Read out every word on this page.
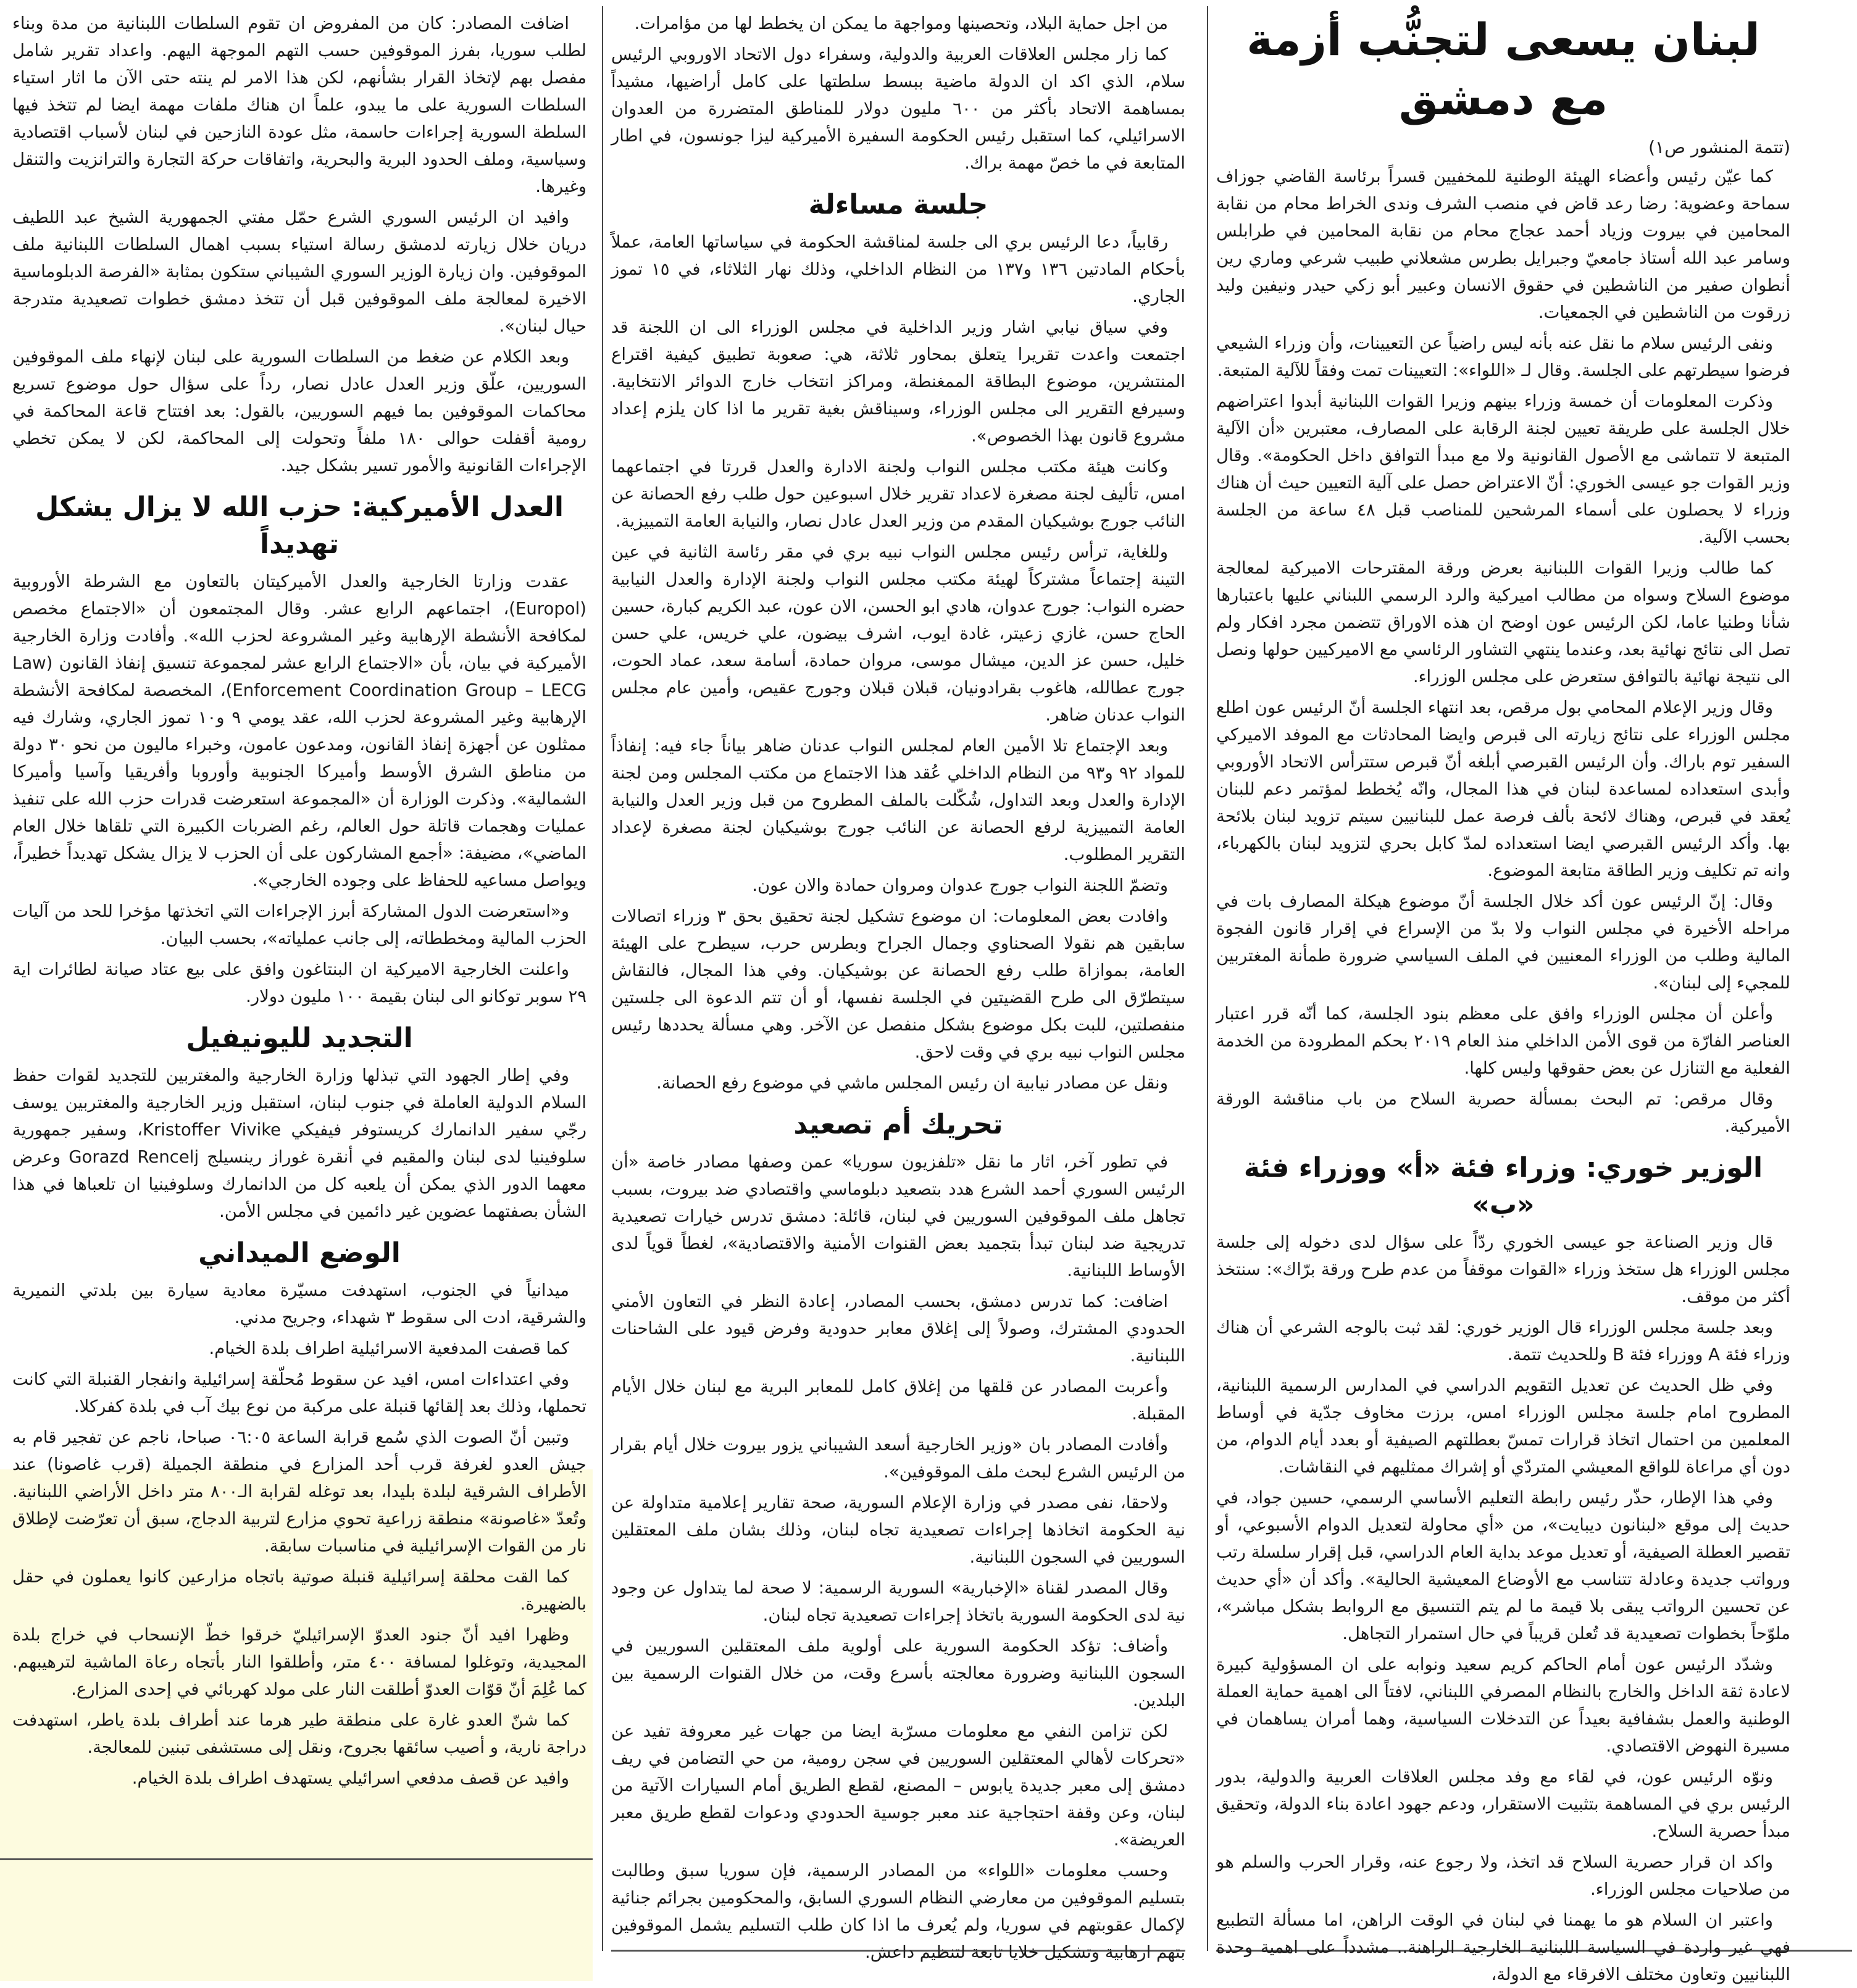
لبنان يسعى لتجنُّب أزمة مع دمشق
(تتمة المنشور ص١)

كما عيّن رئيس وأعضاء الهيئة الوطنية للمخفيين قسراً برئاسة القاضي جوزاف سماحة وعضوية: رضا رعد قاض في منصب الشرف وندى الخراط محام من نقابة المحامين في بيروت وزياد أحمد عجاج محام من نقابة المحامين في طرابلس وسامر عبد الله أستاذ جامعيّ وجبرايل بطرس مشعلاني طبيب شرعي وماري رين أنطوان صفير من الناشطين في حقوق الانسان وعبير أبو زكي حيدر ونيفين وليد زرقوت من الناشطين في الجمعيات.

ونفى الرئيس سلام ما نقل عنه بأنه ليس راضياً عن التعيينات، وأن وزراء الشيعي فرضوا سيطرتهم على الجلسة. وقال لـ «اللواء»: التعيينات تمت وفقاً للآلية المتبعة.

وذكرت المعلومات أن خمسة وزراء بينهم وزيرا القوات اللبنانية أبدوا اعتراضهم خلال الجلسة على طريقة تعيين لجنة الرقابة على المصارف، معتبرين «أن الآلية المتبعة لا تتماشى مع الأصول القانونية ولا مع مبدأ التوافق داخل الحكومة». وقال وزير القوات جو عيسى الخوري: أنّ الاعتراض حصل على آلية التعيين حيث أن هناك وزراء لا يحصلون على أسماء المرشحين للمناصب قبل ٤٨ ساعة من الجلسة بحسب الآلية.

كما طالب وزيرا القوات اللبنانية بعرض ورقة المقترحات الاميركية لمعالجة موضوع السلاح وسواه من مطالب اميركية والرد الرسمي اللبناني عليها باعتبارها شأنا وطنيا عاما، لكن الرئيس عون اوضح ان هذه الاوراق تتضمن مجرد افكار ولم تصل الى نتائج نهائية بعد، وعندما ينتهي التشاور الرئاسي مع الاميركيين حولها ونصل الى نتيجة نهائية بالتوافق ستعرض على مجلس الوزراء.

وقال وزير الإعلام المحامي بول مرقص، بعد انتهاء الجلسة أنّ الرئيس عون اطلع مجلس الوزراء على نتائج زيارته الى قبرص وايضا المحادثات مع الموفد الاميركي السفير توم باراك. وأن الرئيس القبرصي أبلغه أنّ قبرص ستترأس الاتحاد الأوروبي وأبدى استعداده لمساعدة لبنان في هذا المجال، وانّه يُخطط لمؤتمر دعم للبنان يُعقد في قبرص، وهناك لائحة بألف فرصة عمل للبنانيين سيتم تزويد لبنان بلائحة بها. وأكد الرئيس القبرصي ايضا استعداده لمدّ كابل بحري لتزويد لبنان بالكهرباء، وانه تم تكليف وزير الطاقة متابعة الموضوع.

وقال: إنّ الرئيس عون أكد خلال الجلسة أنّ موضوع هيكلة المصارف بات في مراحله الأخيرة في مجلس النواب ولا بدّ من الإسراع في إقرار قانون الفجوة المالية وطلب من الوزراء المعنيين في الملف السياسي ضرورة طمأنة المغتربين للمجيء إلى لبنان».

وأعلن أن مجلس الوزراء وافق على معظم بنود الجلسة، كما أنّه قرر اعتبار العناصر الفارّة من قوى الأمن الداخلي منذ العام ٢٠١٩ بحكم المطرودة من الخدمة الفعلية مع التنازل عن بعض حقوقها وليس كلها.

وقال مرقص: تم البحث بمسألة حصرية السلاح من باب مناقشة الورقة الأميركية.

الوزير خوري: وزراء فئة «أ» ووزراء فئة «ب»

قال وزير الصناعة جو عيسى الخوري ردّاً على سؤال لدى دخوله إلى جلسة مجلس الوزراء هل ستخذ وزراء «القوات موقفاً من عدم طرح ورقة برّاك»: سنتخذ أكثر من موقف.

وبعد جلسة مجلس الوزراء قال الوزير خوري: لقد ثبت بالوجه الشرعي أن هناك وزراء فئة A ووزراء فئة B وللحديث تتمة.

وفي ظل الحديث عن تعديل التقويم الدراسي في المدارس الرسمية اللبنانية، المطروح امام جلسة مجلس الوزراء امس، برزت مخاوف جدّية في أوساط المعلمين من احتمال اتخاذ قرارات تمسّ بعطلتهم الصيفية أو بعدد أيام الدوام، من دون أي مراعاة للواقع المعيشي المتردّي أو إشراك ممثليهم في النقاشات.

وفي هذا الإطار، حذّر رئيس رابطة التعليم الأساسي الرسمي، حسين جواد، في حديث إلى موقع «لبنانون ديبايت»، من «أي محاولة لتعديل الدوام الأسبوعي، أو تقصير العطلة الصيفية، أو تعديل موعد بداية العام الدراسي، قبل إقرار سلسلة رتب ورواتب جديدة وعادلة تتناسب مع الأوضاع المعيشية الحالية». وأكد أن «أي حديث عن تحسين الرواتب يبقى بلا قيمة ما لم يتم التنسيق مع الروابط بشكل مباشر»، ملوّحاً بخطوات تصعيدية قد تُعلن قريباً في حال استمرار التجاهل.

وشدّد الرئيس عون أمام الحاكم كريم سعيد ونوابه على ان المسؤولية كبيرة لاعادة ثقة الداخل والخارج بالنظام المصرفي اللبناني، لافتاً الى اهمية حماية العملة الوطنية والعمل بشفافية بعيداً عن التدخلات السياسية، وهما أمران يساهمان في مسيرة النهوض الاقتصادي.

ونوّه الرئيس عون، في لقاء مع وفد مجلس العلاقات العربية والدولية، بدور الرئيس بري في المساهمة بتثبيت الاستقرار، ودعم جهود اعادة بناء الدولة، وتحقيق مبدأ حصرية السلاح.

واكد ان قرار حصرية السلاح قد اتخذ، ولا رجوع عنه، وقرار الحرب والسلم هو من صلاحيات مجلس الوزراء.

واعتبر ان السلام هو ما يهمنا في لبنان في الوقت الراهن، اما مسألة التطبيع فهي غير واردة في السياسة اللبنانية الخارجية الراهنة.. مشدداً على اهمية وحدة اللبنانيين وتعاون مختلف الافرقاء مع الدولة،

من اجل حماية البلاد، وتحصينها ومواجهة ما يمكن ان يخطط لها من مؤامرات.

كما زار مجلس العلاقات العربية والدولية، وسفراء دول الاتحاد الاوروبي الرئيس سلام، الذي اكد ان الدولة ماضية ببسط سلطتها على كامل أراضيها، مشيداً بمساهمة الاتحاد بأكثر من ٦٠٠ مليون دولار للمناطق المتضررة من العدوان الاسرائيلي، كما استقبل رئيس الحكومة السفيرة الأميركية ليزا جونسون، في اطار المتابعة في ما خصّ مهمة براك.

جلسة مساءلة

رقابياً، دعا الرئيس بري الى جلسة لمناقشة الحكومة في سياساتها العامة، عملاً بأحكام المادتين ١٣٦ و١٣٧ من النظام الداخلي، وذلك نهار الثلاثاء، في ١٥ تموز الجاري.

وفي سياق نيابي اشار وزير الداخلية في مجلس الوزراء الى ان اللجنة قد اجتمعت واعدت تقريرا يتعلق بمحاور ثلاثة، هي: صعوبة تطبيق كيفية اقتراع المنتشرين، موضوع البطاقة الممغنطة، ومراكز انتخاب خارج الدوائر الانتخابية. وسيرفع التقرير الى مجلس الوزراء، وسيناقش بغية تقرير ما اذا كان يلزم إعداد مشروع قانون بهذا الخصوص».

وكانت هيئة مكتب مجلس النواب ولجنة الادارة والعدل قررتا في اجتماعهما امس، تأليف لجنة مصغرة لاعداد تقرير خلال اسبوعين حول طلب رفع الحصانة عن النائب جورج بوشيكيان المقدم من وزير العدل عادل نصار، والنيابة العامة التمييزية.

وللغاية، ترأس رئيس مجلس النواب نبيه بري في مقر رئاسة الثانية في عين التينة إجتماعاً مشتركاً لهيئة مكتب مجلس النواب ولجنة الإدارة والعدل النيابية حضره النواب: جورج عدوان، هادي ابو الحسن، الان عون، عبد الكريم كبارة، حسين الحاج حسن، غازي زعيتر، غادة ايوب، اشرف بيضون، علي خريس، علي حسن خليل، حسن عز الدين، ميشال موسى، مروان حمادة، أسامة سعد، عماد الحوت، جورج عطالله، هاغوب بقرادونيان، قبلان قبلان وجورج عقيص، وأمين عام مجلس النواب عدنان ضاهر.

وبعد الإجتماع تلا الأمين العام لمجلس النواب عدنان ضاهر بياناً جاء فيه: إنفاذاً للمواد ٩٢ و٩٣ من النظام الداخلي عُقد هذا الاجتماع من مكتب المجلس ومن لجنة الإدارة والعدل وبعد التداول، شُكّلت بالملف المطروح من قبل وزير العدل والنيابة العامة التمييزية لرفع الحصانة عن النائب جورج بوشيكيان لجنة مصغرة لإعداد التقرير المطلوب.

وتضمّ اللجنة النواب جورج عدوان ومروان حمادة والان عون.

وافادت بعض المعلومات: ان موضوع تشكيل لجنة تحقيق بحق ٣ وزراء اتصالات سابقين هم نقولا الصحناوي وجمال الجراح وبطرس حرب، سيطرح على الهيئة العامة، بموازاة طلب رفع الحصانة عن بوشيكيان. وفي هذا المجال، فالنقاش سيتطرّق الى طرح القضيتين في الجلسة نفسها، أو أن تتم الدعوة الى جلستين منفصلتين، للبت بكل موضوع بشكل منفصل عن الآخر. وهي مسألة يحددها رئيس مجلس النواب نبيه بري في وقت لاحق.

ونقل عن مصادر نيابية ان رئيس المجلس ماشي في موضوع رفع الحصانة.

تحريك أم تصعيد

في تطور آخر، اثار ما نقل «تلفزيون سوريا» عمن وصفها مصادر خاصة «أن الرئيس السوري أحمد الشرع هدد بتصعيد دبلوماسي واقتصادي ضد بيروت، بسبب تجاهل ملف الموقوفين السوريين في لبنان، قائلة: دمشق تدرس خيارات تصعيدية تدريجية ضد لبنان تبدأ بتجميد بعض القنوات الأمنية والاقتصادية»، لغطاً قوياً لدى الأوساط اللبنانية.

اضافت: كما تدرس دمشق، بحسب المصادر، إعادة النظر في التعاون الأمني الحدودي المشترك، وصولاً إلى إغلاق معابر حدودية وفرض قيود على الشاحنات اللبنانية.

وأعربت المصادر عن قلقها من إغلاق كامل للمعابر البرية مع لبنان خلال الأيام المقبلة.

وأفادت المصادر بان «وزير الخارجية أسعد الشيباني يزور بيروت خلال أيام بقرار من الرئيس الشرع لبحث ملف الموقوفين».

ولاحقا، نفى مصدر في وزارة الإعلام السورية، صحة تقارير إعلامية متداولة عن نية الحكومة اتخاذها إجراءات تصعيدية تجاه لبنان، وذلك بشان ملف المعتقلين السوريين في السجون اللبنانية.

وقال المصدر لقناة «الإخبارية» السورية الرسمية: لا صحة لما يتداول عن وجود نية لدى الحكومة السورية باتخاذ إجراءات تصعيدية تجاه لبنان.

وأضاف: تؤكد الحكومة السورية على أولوية ملف المعتقلين السوريين في السجون اللبنانية وضرورة معالجته بأسرع وقت، من خلال القنوات الرسمية بين البلدين.

لكن تزامن النفي مع معلومات مسرّبة ايضا من جهات غير معروفة تفيد عن «تحركات لأهالي المعتقلين السوريين في سجن رومية، من حي التضامن في ريف دمشق إلى معبر جديدة يابوس – المصنع، لقطع الطريق أمام السيارات الآتية من لبنان، وعن وقفة احتجاجية عند معبر جوسية الحدودي ودعوات لقطع طريق معبر العريضة».

وحسب معلومات «اللواء» من المصادر الرسمية، فإن سوريا سبق وطالبت بتسليم الموقوفين من معارضي النظام السوري السابق، والمحكومين بجرائم جنائية لإكمال عقوبتهم في سوريا، ولم يُعرف ما اذا كان طلب التسليم يشمل الموقوفين بتهم ارهابية وتشكيل خلايا تابعة لتنظيم داعش.

اضافت المصادر: كان من المفروض ان تقوم السلطات اللبنانية من مدة وبناء لطلب سوريا، بفرز الموقوفين حسب التهم الموجهة اليهم. واعداد تقرير شامل مفصل بهم لإتخاذ القرار بشأنهم، لكن هذا الامر لم ينته حتى الآن ما اثار استياء السلطات السورية على ما يبدو، علماً ان هناك ملفات مهمة ايضا لم تتخذ فيها السلطة السورية إجراءات حاسمة، مثل عودة النازحين في لبنان لأسباب اقتصادية وسياسية، وملف الحدود البرية والبحرية، واتفاقات حركة التجارة والترانزيت والتنقل وغيرها.

وافيد ان الرئيس السوري الشرع حمّل مفتي الجمهورية الشيخ عبد اللطيف دريان خلال زيارته لدمشق رسالة استياء بسبب اهمال السلطات اللبنانية ملف الموقوفين. وان زيارة الوزير السوري الشيباني ستكون بمثابة «الفرصة الدبلوماسية الاخيرة لمعالجة ملف الموقوفين قبل أن تتخذ دمشق خطوات تصعيدية متدرجة حيال لبنان».

وبعد الكلام عن ضغط من السلطات السورية على لبنان لإنهاء ملف الموقوفين السوريين، علّق وزير العدل عادل نصار، رداً على سؤال حول موضوع تسريع محاكمات الموقوفين بما فيهم السوريين، بالقول: بعد افتتاح قاعة المحاكمة في رومية أقفلت حوالى ١٨٠ ملفاً وتحولت إلى المحاكمة، لكن لا يمكن تخطي الإجراءات القانونية والأمور تسير بشكل جيد.

العدل الأميركية: حزب الله لا يزال يشكل تهديداً

عقدت وزارتا الخارجية والعدل الأميركيتان بالتعاون مع الشرطة الأوروبية (Europol)، اجتماعهم الرابع عشر. وقال المجتمعون أن «الاجتماع مخصص لمكافحة الأنشطة الإرهابية وغير المشروعة لحزب الله». وأفادت وزارة الخارجية الأميركية في بيان، بأن «الاجتماع الرابع عشر لمجموعة تنسيق إنفاذ القانون (Law Enforcement Coordination Group – LECG)، المخصصة لمكافحة الأنشطة الإرهابية وغير المشروعة لحزب الله، عقد يومي ٩ و١٠ تموز الجاري، وشارك فيه ممثلون عن أجهزة إنفاذ القانون، ومدعون عامون، وخبراء ماليون من نحو ٣٠ دولة من مناطق الشرق الأوسط وأميركا الجنوبية وأوروبا وأفريقيا وآسيا وأميركا الشمالية». وذكرت الوزارة أن «المجموعة استعرضت قدرات حزب الله على تنفيذ عمليات وهجمات قاتلة حول العالم، رغم الضربات الكبيرة التي تلقاها خلال العام الماضي»، مضيفة: «أجمع المشاركون على أن الحزب لا يزال يشكل تهديداً خطيراً، ويواصل مساعيه للحفاظ على وجوده الخارجي».

و«استعرضت الدول المشاركة أبرز الإجراءات التي اتخذتها مؤخرا للحد من آليات الحزب المالية ومخططاته، إلى جانب عملياته»، بحسب البيان.

واعلنت الخارجية الاميركية ان البنتاغون وافق على بيع عتاد صيانة لطائرات اية ٢٩ سوبر توكانو الى لبنان بقيمة ١٠٠ مليون دولار.

التجديد لليونيفيل

وفي إطار الجهود التي تبذلها وزارة الخارجية والمغتربين للتجديد لقوات حفظ السلام الدولية العاملة في جنوب لبنان، استقبل وزير الخارجية والمغتربين يوسف رجّي سفير الدانمارك كريستوفر فيفيكي Kristoffer Vivike، وسفير جمهورية سلوفينيا لدى لبنان والمقيم في أنقرة غوراز رينسيلج Gorazd Rencelj وعرض معهما الدور الذي يمكن أن يلعبه كل من الدانمارك وسلوفينيا ان تلعباها في هذا الشأن بصفتهما عضوين غير دائمين في مجلس الأمن.

الوضع الميداني

ميدانياً في الجنوب، استهدفت مسيّرة معادية سيارة بين بلدتي النميرية والشرقية، ادت الى سقوط ٣ شهداء، وجريح مدني.

كما قصفت المدفعية الاسرائيلية اطراف بلدة الخيام.

وفي اعتداءات امس، افيد عن سقوط مُحلّقة إسرائيلية وانفجار القنبلة التي كانت تحملها، وذلك بعد إلقائها قنبلة على مركبة من نوع بيك آب في بلدة كفركلا.

وتبين أنّ الصوت الذي سُمع قرابة الساعة ٠٦:٠٥ صباحا، ناجم عن تفجير قام به جيش العدو لغرفة قرب أحد المزارع في منطقة الجميلة (قرب غاصونا) عند الأطراف الشرقية لبلدة بليدا، بعد توغله لقرابة الـ٨٠٠ متر داخل الأراضي اللبنانية. وتُعدّ «غاصونة» منطقة زراعية تحوي مزارع لتربية الدجاج، سبق أن تعرّضت لإطلاق نار من القوات الإسرائيلية في مناسبات سابقة.

كما القت محلقة إسرائيلية قنبلة صوتية باتجاه مزارعين كانوا يعملون في حقل بالضهيرة.

وظهرا افيد أنّ جنود العدوّ الإسرائيليّ خرقوا خطّ الإنسحاب في خراج بلدة المجيدية، وتوغلوا لمسافة ٤٠٠ متر، وأطلقوا النار بأتجاه رعاة الماشية لترهيبهم. كما عُلِمَ أنّ قوّات العدوّ أطلقت النار على مولد كهربائي في إحدى المزارع.

كما شنّ العدو غارة على منطقة طير هرما عند أطراف بلدة ياطر، استهدفت دراجة نارية، و أصيب سائقها بجروح، ونقل إلى مستشفى تبنين للمعالجة.

وافيد عن قصف مدفعي اسرائيلي يستهدف اطراف بلدة الخيام.
